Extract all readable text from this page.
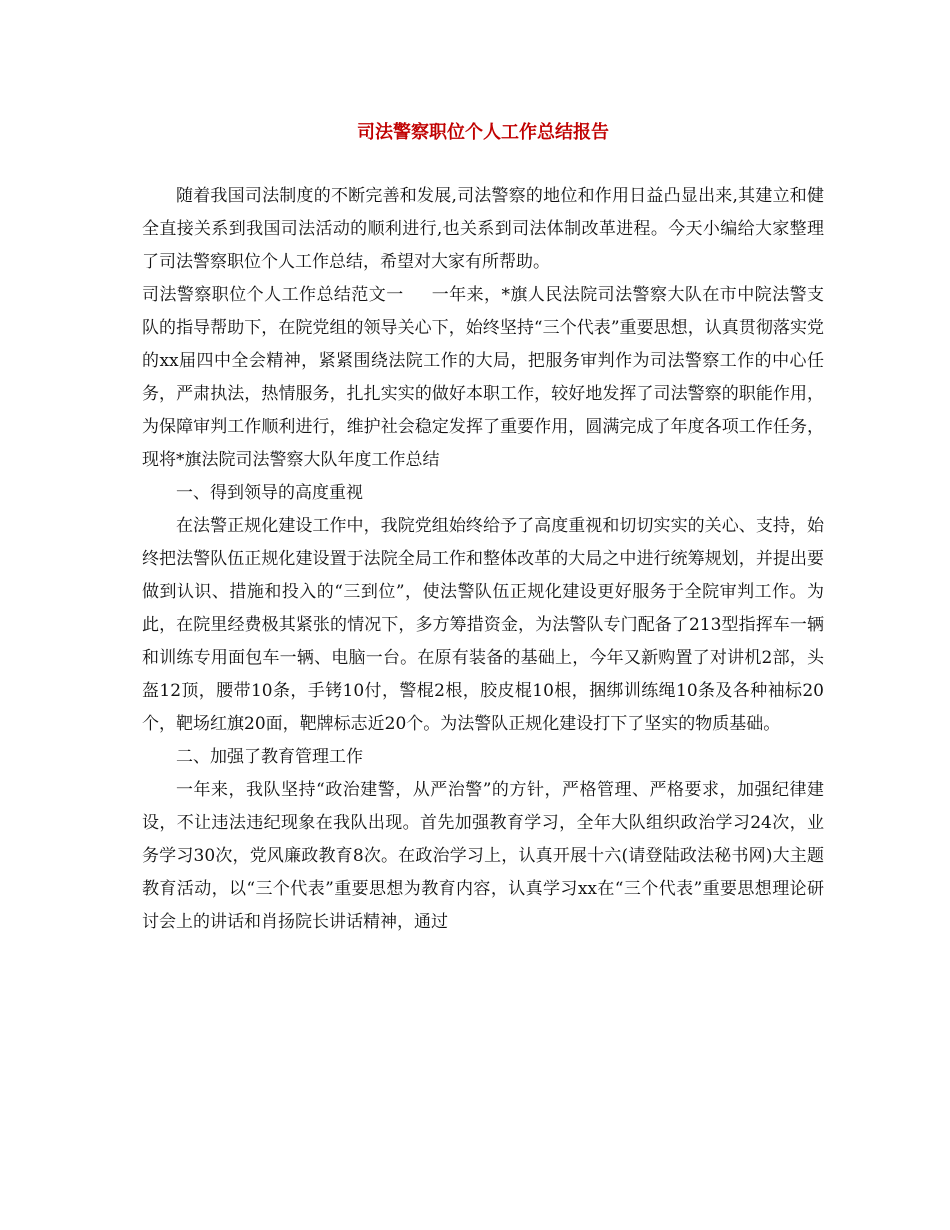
司法警察职位个人工作总结报告

随着我国司法制度的不断完善和发展,司法警察的地位和作用日益凸显出来,其建立和健全直接关系到我国司法活动的顺利进行,也关系到司法体制改革进程。今天小编给大家整理了司法警察职位个人工作总结，希望对大家有所帮助。

司法警察职位个人工作总结范文一 一年来，*旗人民法院司法警察大队在市中院法警支队的指导帮助下，在院党组的领导关心下，始终坚持“三个代表”重要思想，认真贯彻落实党的xx届四中全会精神，紧紧围绕法院工作的大局，把服务审判作为司法警察工作的中心任务，严肃执法，热情服务，扎扎实实的做好本职工作，较好地发挥了司法警察的职能作用，为保障审判工作顺利进行，维护社会稳定发挥了重要作用，圆满完成了年度各项工作任务，现将*旗法院司法警察大队年度工作总结

一、得到领导的高度重视

在法警正规化建设工作中，我院党组始终给予了高度重视和切切实实的关心、支持，始终把法警队伍正规化建设置于法院全局工作和整体改革的大局之中进行统筹规划，并提出要做到认识、措施和投入的“三到位”，使法警队伍正规化建设更好服务于全院审判工作。为此，在院里经费极其紧张的情况下，多方筹措资金，为法警队专门配备了213型指挥车一辆和训练专用面包车一辆、电脑一台。在原有装备的基础上，今年又新购置了对讲机2部，头盔12顶，腰带10条，手铐10付，警棍2根，胶皮棍10根，捆绑训练绳10条及各种袖标20个，靶场红旗20面，靶牌标志近20个。为法警队正规化建设打下了坚实的物质基础。

二、加强了教育管理工作

一年来，我队坚持“政治建警，从严治警”的方针，严格管理、严格要求，加强纪律建设，不让违法违纪现象在我队出现。首先加强教育学习，全年大队组织政治学习24次，业务学习30次，党风廉政教育8次。在政治学习上，认真开展十六(请登陆政法秘书网)大主题教育活动，以“三个代表”重要思想为教育内容，认真学习xx在“三个代表”重要思想理论研讨会上的讲话和肖扬院长讲话精神，通过
